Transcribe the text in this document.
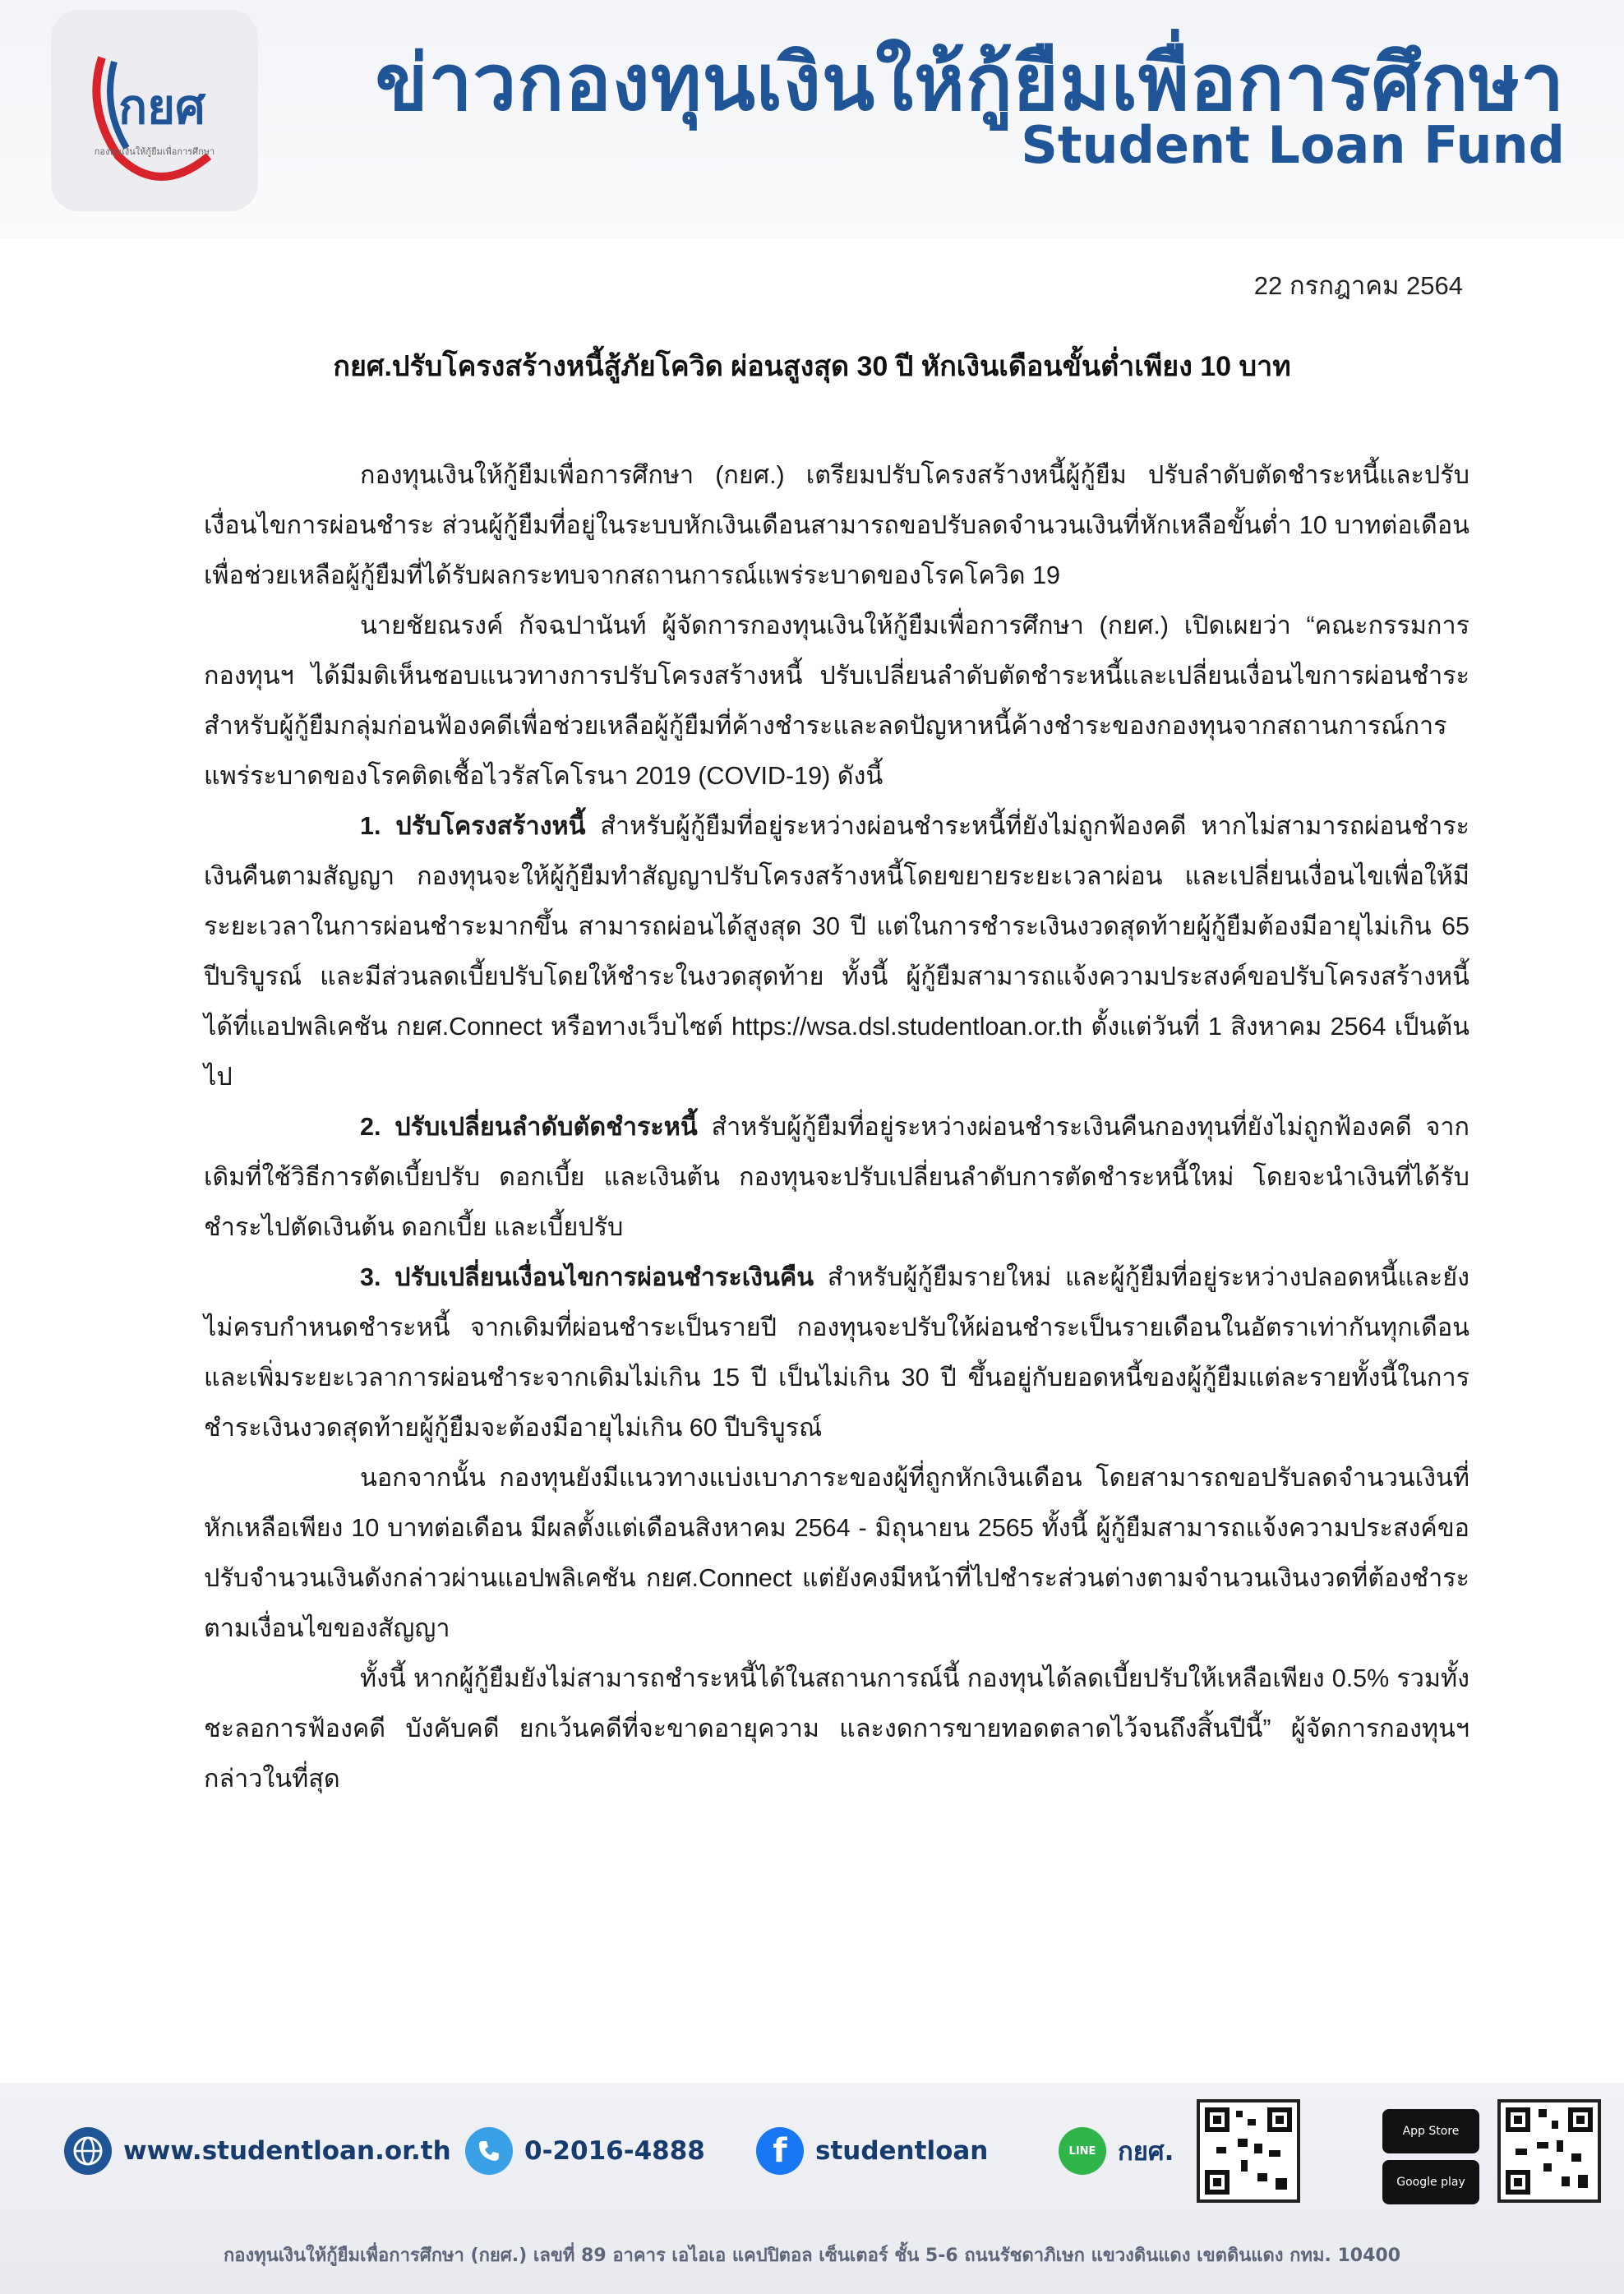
กยศ
กองทุนเงินให้กู้ยืมเพื่อการศึกษา
ข่าวกองทุนเงินให้กู้ยืมเพื่อการศึกษา
Student Loan Fund
22 กรกฎาคม 2564
กยศ.ปรับโครงสร้างหนี้สู้ภัยโควิด ผ่อนสูงสุด 30 ปี หักเงินเดือนขั้นต่ำเพียง 10 บาท

กองทุนเงินให้กู้ยืมเพื่อการศึกษา (กยศ.) เตรียมปรับโครงสร้างหนี้ผู้กู้ยืม ปรับลำดับตัดชำระหนี้และปรับเงื่อนไขการผ่อนชำระ ส่วนผู้กู้ยืมที่อยู่ในระบบหักเงินเดือนสามารถขอปรับลดจำนวนเงินที่หักเหลือขั้นต่ำ 10 บาทต่อเดือน เพื่อช่วยเหลือผู้กู้ยืมที่ได้รับผลกระทบจากสถานการณ์แพร่ระบาดของโรคโควิด 19

นายชัยณรงค์ กัจฉปานันท์ ผู้จัดการกองทุนเงินให้กู้ยืมเพื่อการศึกษา (กยศ.) เปิดเผยว่า “คณะกรรมการกองทุนฯ ได้มีมติเห็นชอบแนวทางการปรับโครงสร้างหนี้ ปรับเปลี่ยนลำดับตัดชำระหนี้และเปลี่ยนเงื่อนไขการผ่อนชำระสำหรับผู้กู้ยืมกลุ่มก่อนฟ้องคดีเพื่อช่วยเหลือผู้กู้ยืมที่ค้างชำระและลดปัญหาหนี้ค้างชำระของกองทุนจากสถานการณ์การแพร่ระบาดของโรคติดเชื้อไวรัสโคโรนา 2019 (COVID-19) ดังนี้

1. ปรับโครงสร้างหนี้ สำหรับผู้กู้ยืมที่อยู่ระหว่างผ่อนชำระหนี้ที่ยังไม่ถูกฟ้องคดี หากไม่สามารถผ่อนชำระเงินคืนตามสัญญา กองทุนจะให้ผู้กู้ยืมทำสัญญาปรับโครงสร้างหนี้โดยขยายระยะเวลาผ่อน และเปลี่ยนเงื่อนไขเพื่อให้มีระยะเวลาในการผ่อนชำระมากขึ้น สามารถผ่อนได้สูงสุด 30 ปี แต่ในการชำระเงินงวดสุดท้ายผู้กู้ยืมต้องมีอายุไม่เกิน 65 ปีบริบูรณ์ และมีส่วนลดเบี้ยปรับโดยให้ชำระในงวดสุดท้าย ทั้งนี้ ผู้กู้ยืมสามารถแจ้งความประสงค์ขอปรับโครงสร้างหนี้ได้ที่แอปพลิเคชัน กยศ.Connect หรือทางเว็บไซต์ https://wsa.dsl.studentloan.or.th ตั้งแต่วันที่ 1 สิงหาคม 2564 เป็นต้นไป

2. ปรับเปลี่ยนลำดับตัดชำระหนี้ สำหรับผู้กู้ยืมที่อยู่ระหว่างผ่อนชำระเงินคืนกองทุนที่ยังไม่ถูกฟ้องคดี จากเดิมที่ใช้วิธีการตัดเบี้ยปรับ ดอกเบี้ย และเงินต้น กองทุนจะปรับเปลี่ยนลำดับการตัดชำระหนี้ใหม่ โดยจะนำเงินที่ได้รับชำระไปตัดเงินต้น ดอกเบี้ย และเบี้ยปรับ

3. ปรับเปลี่ยนเงื่อนไขการผ่อนชำระเงินคืน สำหรับผู้กู้ยืมรายใหม่ และผู้กู้ยืมที่อยู่ระหว่างปลอดหนี้และยังไม่ครบกำหนดชำระหนี้ จากเดิมที่ผ่อนชำระเป็นรายปี กองทุนจะปรับให้ผ่อนชำระเป็นรายเดือนในอัตราเท่ากันทุกเดือนและเพิ่มระยะเวลาการผ่อนชำระจากเดิมไม่เกิน 15 ปี เป็นไม่เกิน 30 ปี ขึ้นอยู่กับยอดหนี้ของผู้กู้ยืมแต่ละรายทั้งนี้ในการชำระเงินงวดสุดท้ายผู้กู้ยืมจะต้องมีอายุไม่เกิน 60 ปีบริบูรณ์

นอกจากนั้น กองทุนยังมีแนวทางแบ่งเบาภาระของผู้ที่ถูกหักเงินเดือน โดยสามารถขอปรับลดจำนวนเงินที่หักเหลือเพียง 10 บาทต่อเดือน มีผลตั้งแต่เดือนสิงหาคม 2564 - มิถุนายน 2565 ทั้งนี้ ผู้กู้ยืมสามารถแจ้งความประสงค์ขอปรับจำนวนเงินดังกล่าวผ่านแอปพลิเคชัน กยศ.Connect แต่ยังคงมีหน้าที่ไปชำระส่วนต่างตามจำนวนเงินงวดที่ต้องชำระตามเงื่อนไขของสัญญา

ทั้งนี้ หากผู้กู้ยืมยังไม่สามารถชำระหนี้ได้ในสถานการณ์นี้ กองทุนได้ลดเบี้ยปรับให้เหลือเพียง 0.5% รวมทั้งชะลอการฟ้องคดี บังคับคดี ยกเว้นคดีที่จะขาดอายุความ และงดการขายทอดตลาดไว้จนถึงสิ้นปีนี้” ผู้จัดการกองทุนฯ กล่าวในที่สุด

www.studentloan.or.th	0-2016-4888	f	studentloan	LINE กยศ.
App Store
Google play
กองทุนเงินให้กู้ยืมเพื่อการศึกษา (กยศ.) เลขที่ 89 อาคาร เอไอเอ แคปปิตอล เซ็นเตอร์ ชั้น 5-6 ถนนรัชดาภิเษก แขวงดินแดง เขตดินแดง กทม. 10400
